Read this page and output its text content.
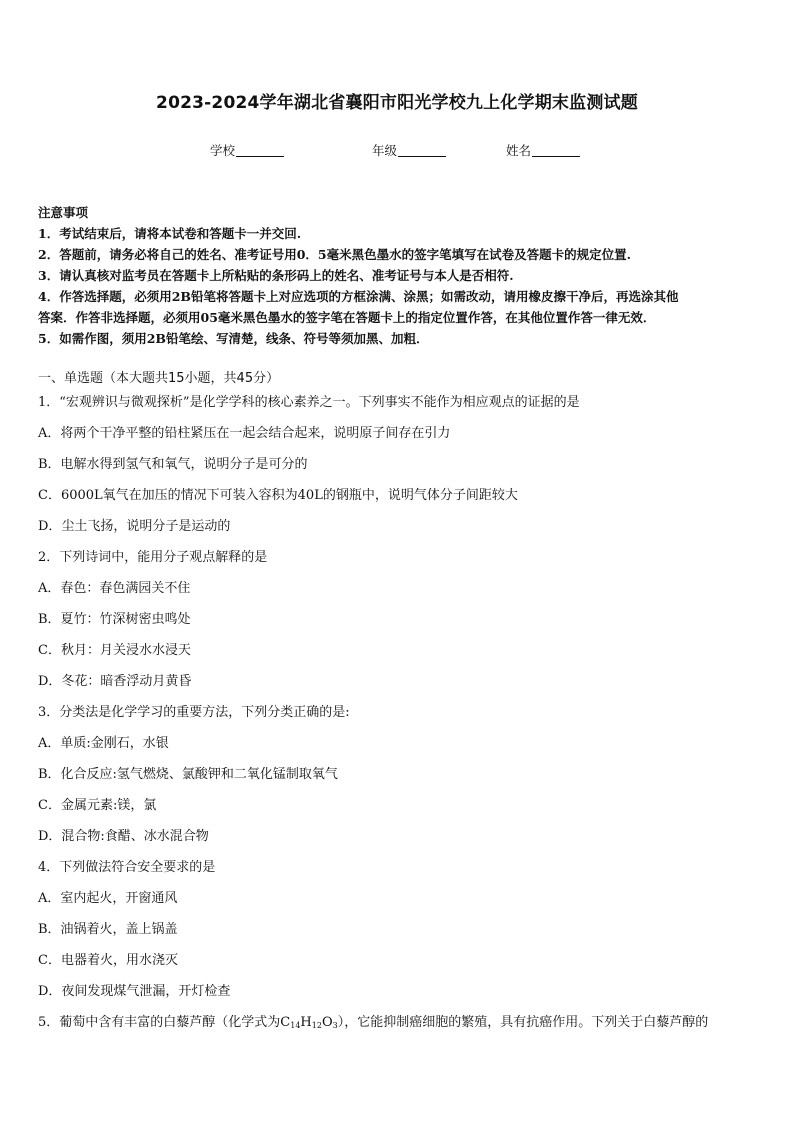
2023-2024学年湖北省襄阳市阳光学校九上化学期末监测试题
学校	年级	姓名
注意事项
1．考试结束后，请将本试卷和答题卡一并交回.
2．答题前，请务必将自己的姓名、准考证号用0．5毫米黑色墨水的签字笔填写在试卷及答题卡的规定位置.
3．请认真核对监考员在答题卡上所粘贴的条形码上的姓名、准考证号与本人是否相符.
4．作答选择题，必须用2B铅笔将答题卡上对应选项的方框涂满、涂黑；如需改动，请用橡皮擦干净后，再选涂其他
答案．作答非选择题，必须用05毫米黑色墨水的签字笔在答题卡上的指定位置作答，在其他位置作答一律无效．
5．如需作图，须用2B铅笔绘、写清楚，线条、符号等须加黑、加粗．
一、单选题（本大题共15小题，共45分）
1．“宏观辨识与微观探析”是化学学科的核心素养之一。下列事实不能作为相应观点的证据的是
A．将两个干净平整的铅柱紧压在一起会结合起来，说明原子间存在引力
B．电解水得到氢气和氧气，说明分子是可分的
C．6000L氧气在加压的情况下可装入容积为40L的钢瓶中，说明气体分子间距较大
D．尘土飞扬，说明分子是运动的
2．下列诗词中，能用分子观点解释的是
A．春色：春色满园关不住
B．夏竹：竹深树密虫鸣处
C．秋月：月关浸水水浸天
D．冬花：暗香浮动月黄昏
3．分类法是化学学习的重要方法，下列分类正确的是:
A．单质:金刚石，水银
B．化合反应:氢气燃烧、氯酸钾和二氧化锰制取氧气
C．金属元素:镁，氯
D．混合物:食醋、冰水混合物
4．下列做法符合安全要求的是
A．室内起火，开窗通风
B．油锅着火，盖上锅盖
C．电器着火，用水浇灭
D．夜间发现煤气泄漏，开灯检查
5．葡萄中含有丰富的白藜芦醇（化学式为$C_{14}H_{12}O_3$），它能抑制癌细胞的繁殖，具有抗癌作用。下列关于白藜芦醇的
